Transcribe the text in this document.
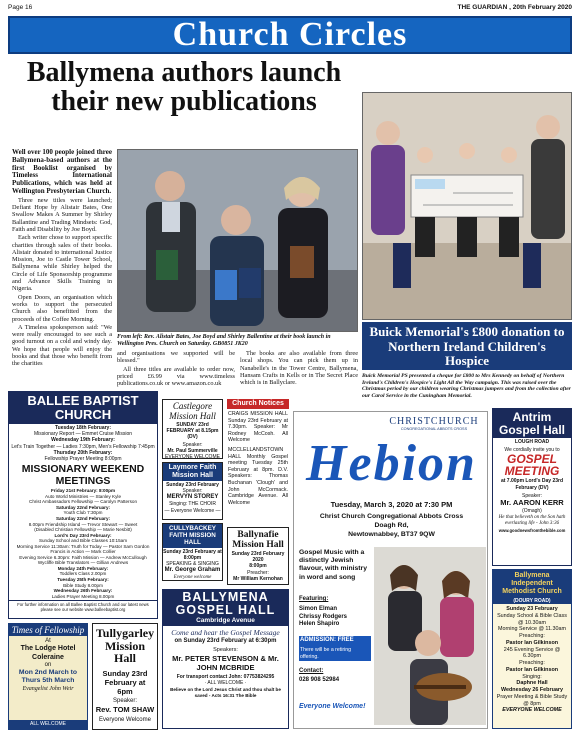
Page 16	THE GUARDIAN , 20th February 2020
Church Circles
Ballymena authors launch their new publications

Well over 100 people joined three Ballymena-based authors at the first Booklist organised by Timeless International Publications, which was held at Wellington Presbyterian Church.

Three new titles were launched; Defiant Hope by Alistair Bates, One Swallow Makes A Summer by Shirley Ballantine and Trading Mindsets: God, Faith and Disability by Joe Boyd.

Each writer chose to support specific charities through sales of their books. Alistair donated to international Justice Mission, Joe to Castle Tower School, Ballymena while Shirley helped the Circle of Life Sponsorship programme and Advance Skills Training in Nigeria.

Open Doors, an organisation which works to support the persecuted Church also benefitted from the proceeds of the Coffee Morning.

A Timeless spokesperson said: "We were really encouraged to see such a good turnout on a cold and windy day. We hope that people will enjoy the books and that those who benefit from the charities

From left: Rev. Alistair Bates, Joe Boyd and Shirley Ballentine at their book launch in Wellington Pres. Church on Saturday. GB0851 JK20

and organisations we supported will be blessed."

All three titles are available to order now, priced £6.99 via www.timeless publications.co.uk or www.amazon.co.uk

The books are also available from three local shops. You can pick them up in Nanabelle's in the Tower Centre, Ballymena, Hansam Crafts in Kells or in The Secret Place which is in Ballyclare.

Buick Memorial's £800 donation to Northern Ireland Children's Hospice
Buick Memorial PS presented a cheque for £800 to Mrs Kennedy on behalf of Northern Ireland's Children's Hospice's Light All the Way campaign. This was raised over the Christmas period by our children wearing Christmas jumpers and from the collection after our Carol Service in the Cuningham Memorial.
BALLEE BAPTIST
CHURCH
Tuesday 18th February:
Missionary Report — Emmet Cruise Mission
Wednesday 19th February:
Let's Train Together — Ladies 7:30pm, Men's Fellowship 7:45pm
Thursday 20th February:
Fellowship Prayer Meeting 8:00pm
MISSIONARY WEEKEND MEETINGS
Friday 21st February: 8:00pm
Auto World Ministries — Stanley Kyle
Christ Ambassadors Fellowship — Carolyn Patterson
Saturday 22nd February:
Youth Club 7:30pm
Saturday 22nd February:
8.00pm Friendship Island — Trevor Stewart — Sweet
(Disabled Christian Fellowship — Marie Nesbitt)
Lord's Day 23rd February:
Sunday School and Bible Classes 10:15am
Morning Service 11:30am: Truth for Today — Pastor Sam Gordon
Francis in Action — Mark Collier
Evening Service 6.30pm: Faith Mission — Andrew McCullough
Wycliffe Bible Translators — Gillian Andrews
Monday 24th February:
Toddlers Class 2.00pm
Tuesday 25th February:
Bible Study 8.00pm
Wednesday 26th February:
Ladies Prayer Meeting 8.00pm
For further information on all Ballee Baptist Church and our latest news please see our website www.balleebaptist.org
Times of Fellowship
At
The Lodge Hotel
Coleraine
on
Mon 2nd March to Thurs 5th March
Evangelist John Weir
ALL WELCOME
Tullygarley
Mission Hall
Sunday 23rd February at 6pm
Speaker:
Rev. TOM SHAW
Everyone Welcome
Castlegore
Mission Hall
SUNDAY 23rd FEBRUARY at 8.15pm (DV)
Speaker:
Mr. Paul Summerville
EVERYONE WELCOME
Laymore Faith Mission Hall
Sunday 23rd February
Speaker:
MERVYN STOREY
Singing: THE CHOIR
— Everyone Welcome —
CULLYBACKEY FAITH MISSION HALL
Sunday 23rd February at 8:00pm
SPEAKING & SINGING
Mr. George Graham
Everyone welcome
Church Notices
CRAIGS MISSION HALL Sunday 23rd February at 7.30pm. Speaker: Mr Rodney McCosh. All Welcome
MCCLELLANDSTOWN HALL Monthly Gospel meeting Tuesday 25th February at 8pm. D.V. Speakers: Thomas Buchanan 'Clough' and John McCormack. Cambridge Avenue. All Welcome
Ballynafie
Mission Hall
Sunday 23rd February 2020
8:00pm
Preacher:
Mr William Kernohan
BALLYMENA
GOSPEL HALL
Cambridge Avenue
Come and hear the Gospel Message
on Sunday 23rd February at 6:30pm
Speakers:
Mr. PETER STEVENSON & Mr. JOHN MCBRIDE
For transport contact John: 07753824295
· ALL WELCOME ·
Believe on the Lord Jesus Christ and thou shalt be saved - Acts 16:31 The Bible
CHRISTCHURCH
CONGREGATIONAL ABBOTS CROSS
Hebion
Tuesday, March 3, 2020 at 7:30 PM
Christ Church Congregational Abbots Cross
Doagh Rd,
Newtownabbey, BT37 9QW
Gospel Music with a distinctly Jewish flavour, with ministry in word and song
Featuring:
Simon Elman
Chrissy Rodgers
Helen Shapiro
ADMISSION: FREE
There will be a retiring offering.
Contact:
028 908 52984
Everyone Welcome!
Antrim
Gospel Hall
LOUGH ROAD
We cordially invite you to
GOSPEL
MEETING
at 7.00pm Lord's Day 23rd February (DV)
Speaker:
Mr. AARON KERR
(Omagh)
He that believeth on the Son hath everlasting life - John 3:36
www.goodnewsfromthebible.com
Ballymena Independent Methodist Church
(DOURY ROAD)
Sunday 23 February
Sunday School & Bible Class @ 10.30am
Morning Service @ 11.30am
Preaching:
Pastor Ian Gilkinson
245 Evening Service @ 6.30pm
Preaching:
Pastor Ian Gilkinson
Singing:
Daphne Hall
Wednesday 26 February
Prayer Meeting & Bible Study @ 8pm
EVERYONE WELCOME
